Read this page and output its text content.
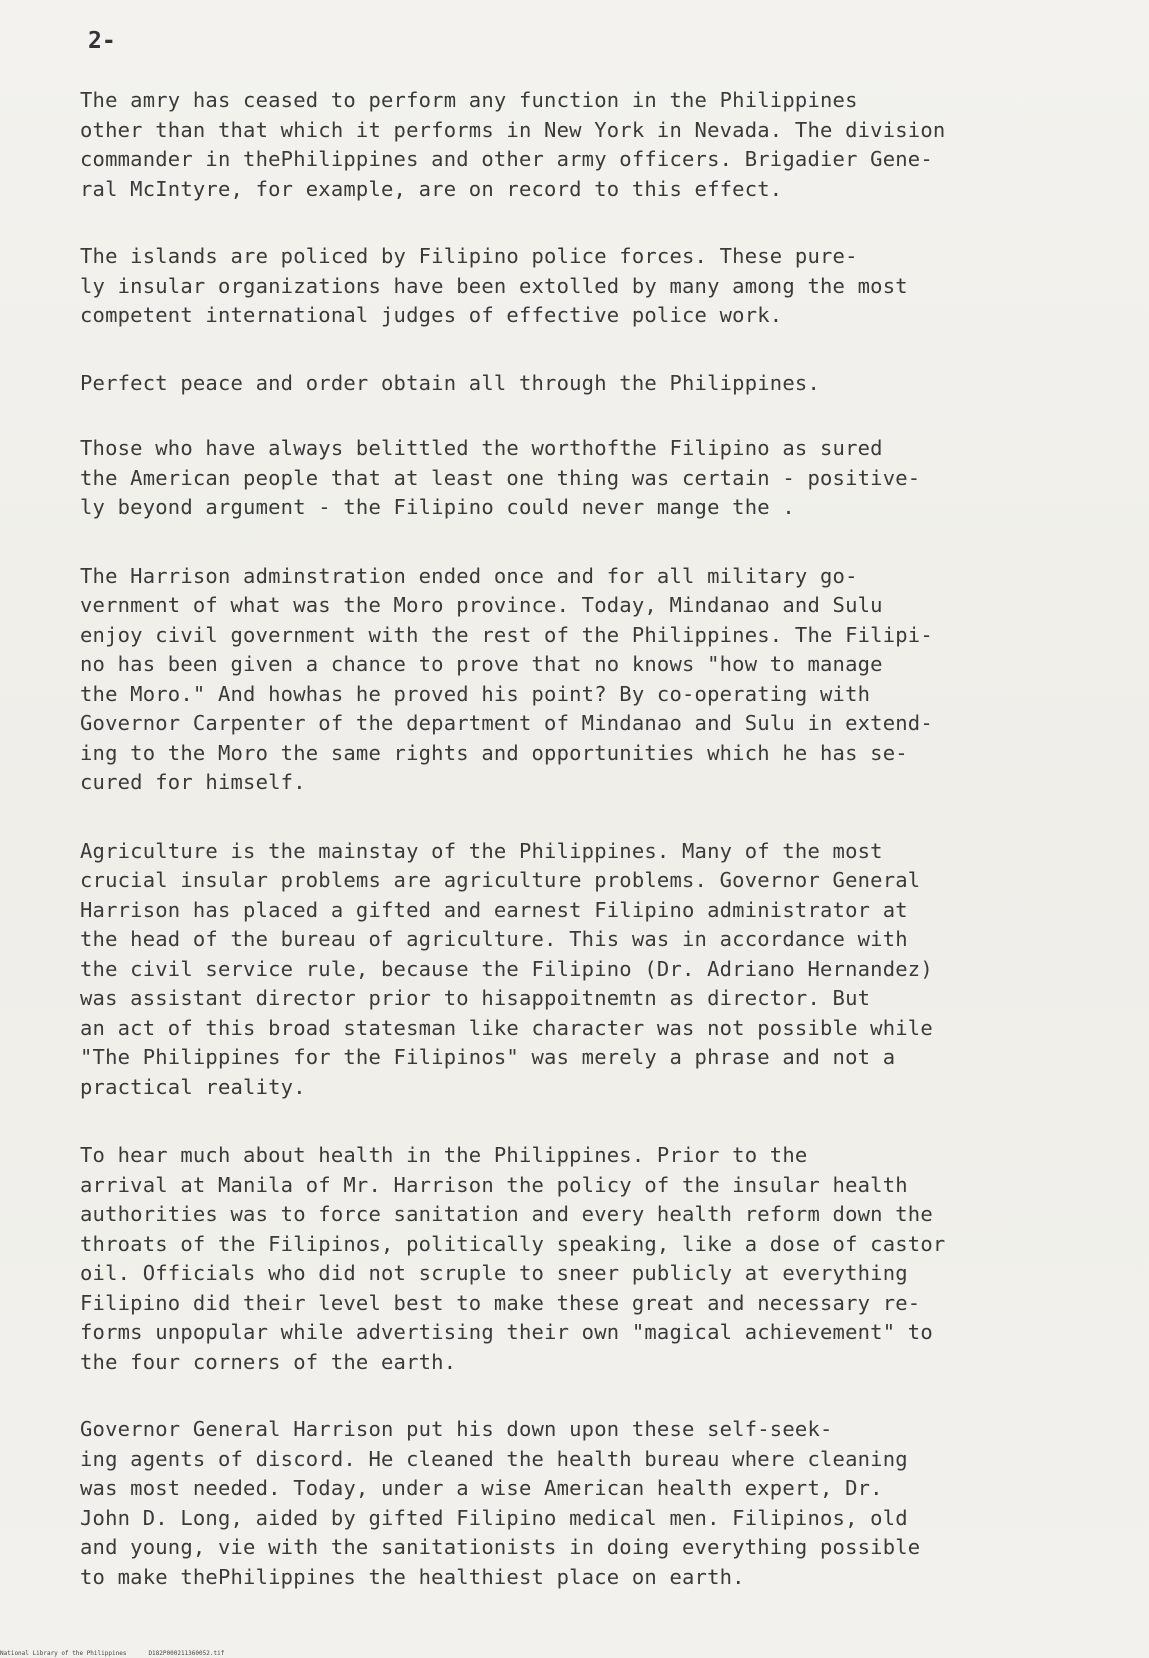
2-

The amry has ceased to perform any function in the Philippines
other than that which it performs in New York in Nevada. The division
commander in thePhilippines and other army officers. Brigadier Gene-
ral McIntyre, for example, are on record to this effect.

The islands are policed by Filipino police forces. These pure-
ly insular organizations have been extolled by many among the most
competent international judges of effective police work.

Perfect peace and order obtain all through the Philippines.

Those who have always belittled the worthofthe Filipino as sured
the American people that at least one thing was certain - positive-
ly beyond argument - the Filipino could never mange the .

The Harrison adminstration ended once and for all military go-
vernment of what was the Moro province. Today, Mindanao and Sulu
enjoy civil government with the rest of the Philippines. The Filipi-
no has been given a chance to prove that no knows "how to manage
the Moro." And howhas he proved his point? By co-operating with
Governor Carpenter of the department of Mindanao and Sulu in extend-
ing to the Moro the same rights and opportunities which he has se-
cured for himself.

Agriculture is the mainstay of the Philippines. Many of the most
crucial insular problems are agriculture problems. Governor General
Harrison has placed a gifted and earnest Filipino administrator at
the head of the bureau of agriculture. This was in accordance with
the civil service rule, because the Filipino (Dr. Adriano Hernandez)
was assistant director prior to hisappoitnemtn as director. But
an act of this broad statesman like character was not possible while
"The Philippines for the Filipinos" was merely a phrase and not a
practical reality.

To hear much about health in the Philippines. Prior to the
arrival at Manila of Mr. Harrison the policy of the insular health
authorities was to force sanitation and every health reform down the
throats of the Filipinos, politically speaking, like a dose of castor
oil. Officials who did not scruple to sneer publicly at everything
Filipino did their level best to make these great and necessary re-
forms unpopular while advertising their own "magical achievement" to
the four corners of the earth.

Governor General Harrison put his down upon these self-seek-
ing agents of discord. He cleaned the health bureau where cleaning
was most needed. Today, under a wise American health expert, Dr.
John D. Long, aided by gifted Filipino medical men. Filipinos, old
and young, vie with the sanitationists in doing everything possible
to make thePhilippines the healthiest place on earth.

National Library of the Philippines	D182P000211360052.tif
